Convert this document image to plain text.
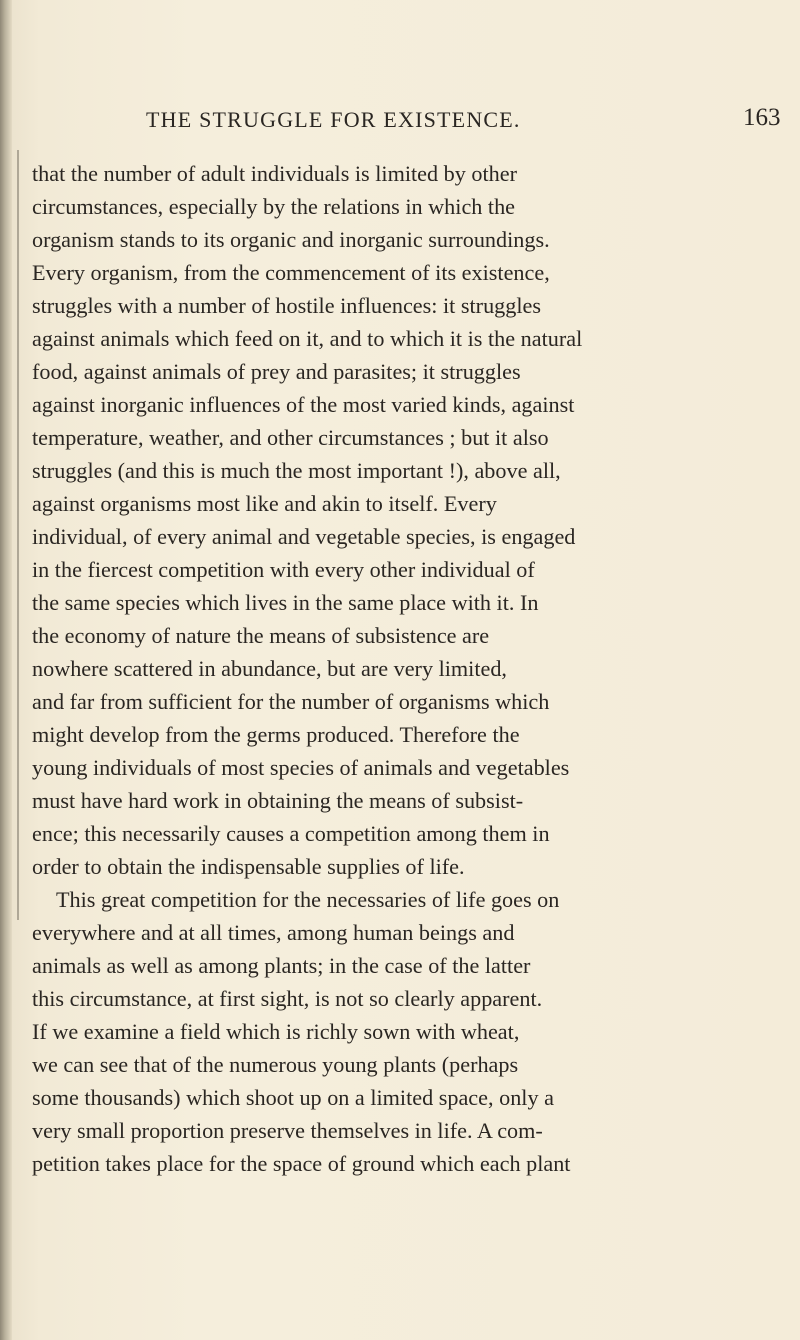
THE STRUGGLE FOR EXISTENCE.	163
that the number of adult individuals is limited by other
circumstances, especially by the relations in which the
organism stands to its organic and inorganic surroundings.
Every organism, from the commencement of its existence,
struggles with a number of hostile influences: it struggles
against animals which feed on it, and to which it is the natural
food, against animals of prey and parasites; it struggles
against inorganic influences of the most varied kinds, against
temperature, weather, and other circumstances ; but it also
struggles (and this is much the most important !), above all,
against organisms most like and akin to itself. Every
individual, of every animal and vegetable species, is engaged
in the fiercest competition with every other individual of
the same species which lives in the same place with it. In
the economy of nature the means of subsistence are
nowhere scattered in abundance, but are very limited,
and far from sufficient for the number of organisms which
might develop from the germs produced. Therefore the
young individuals of most species of animals and vegetables
must have hard work in obtaining the means of subsist-
ence; this necessarily causes a competition among them in
order to obtain the indispensable supplies of life.
This great competition for the necessaries of life goes on
everywhere and at all times, among human beings and
animals as well as among plants; in the case of the latter
this circumstance, at first sight, is not so clearly apparent.
If we examine a field which is richly sown with wheat,
we can see that of the numerous young plants (perhaps
some thousands) which shoot up on a limited space, only a
very small proportion preserve themselves in life. A com-
petition takes place for the space of ground which each plant
